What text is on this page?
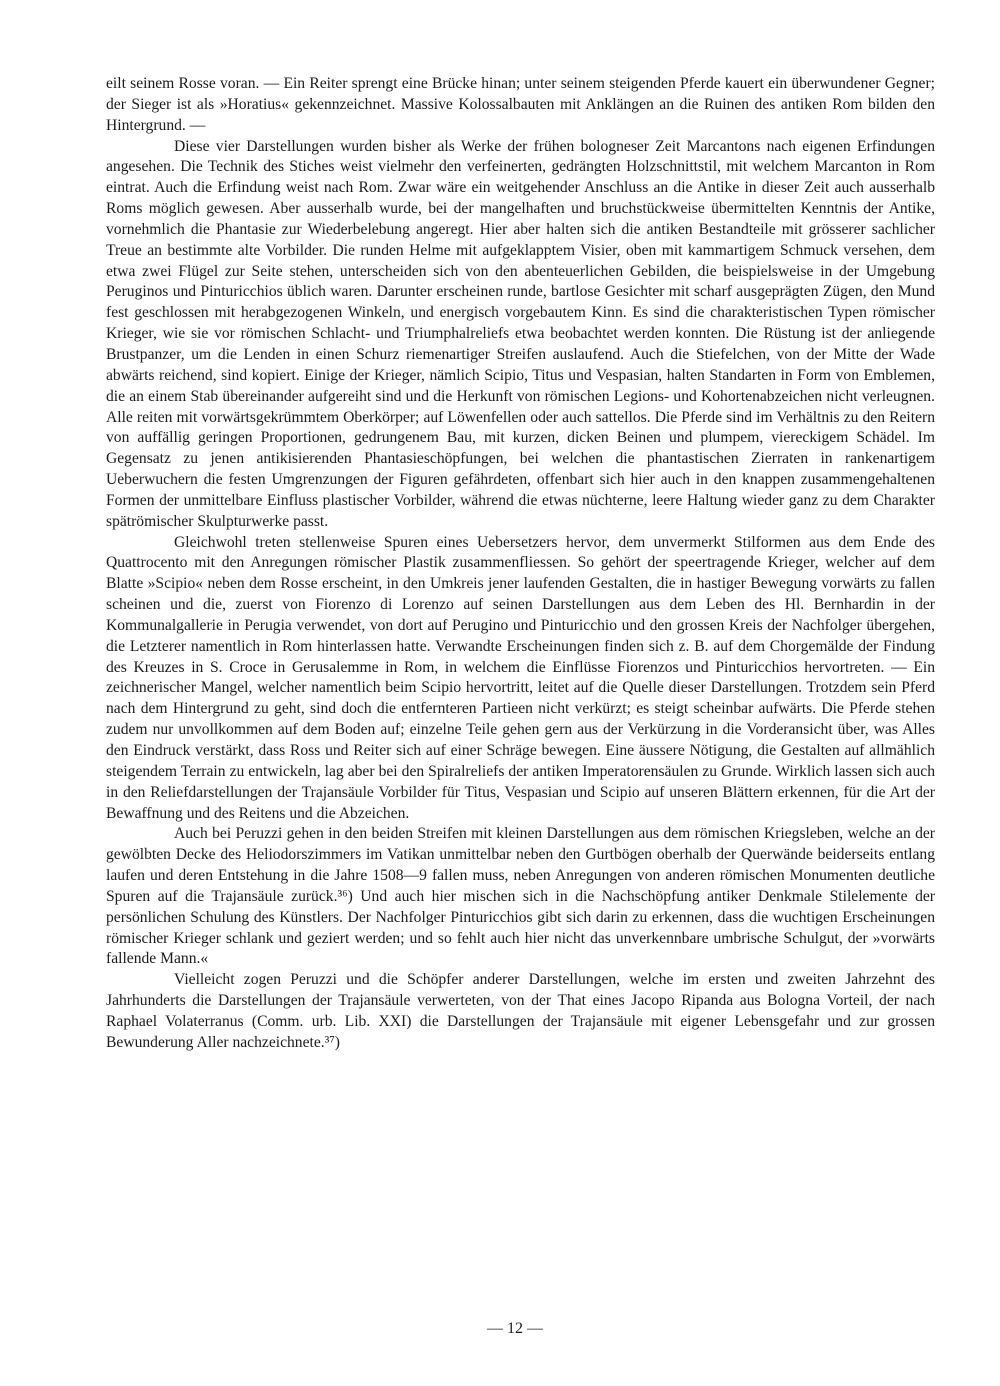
eilt seinem Rosse voran. — Ein Reiter sprengt eine Brücke hinan; unter seinem steigenden Pferde kauert ein überwundener Gegner; der Sieger ist als »Horatius« gekennzeichnet. Massive Kolossalbauten mit Anklängen an die Ruinen des antiken Rom bilden den Hintergrund. —

Diese vier Darstellungen wurden bisher als Werke der frühen bologneser Zeit Marcantons nach eigenen Erfindungen angesehen. Die Technik des Stiches weist vielmehr den verfeinerten, gedrängten Holzschnittstil, mit welchem Marcanton in Rom eintrat. Auch die Erfindung weist nach Rom. Zwar wäre ein weitgehender Anschluss an die Antike in dieser Zeit auch ausserhalb Roms möglich gewesen. Aber ausserhalb wurde, bei der mangelhaften und bruchstückweise übermittelten Kenntnis der Antike, vornehmlich die Phantasie zur Wiederbelebung angeregt. Hier aber halten sich die antiken Bestandteile mit grösserer sachlicher Treue an bestimmte alte Vorbilder. Die runden Helme mit aufgeklapptem Visier, oben mit kammartigem Schmuck versehen, dem etwa zwei Flügel zur Seite stehen, unterscheiden sich von den abenteuerlichen Gebilden, die beispielsweise in der Umgebung Peruginos und Pinturicchios üblich waren. Darunter erscheinen runde, bartlose Gesichter mit scharf ausgeprägten Zügen, den Mund fest geschlossen mit herabgezogenen Winkeln, und energisch vorgebautem Kinn. Es sind die charakteristischen Typen römischer Krieger, wie sie vor römischen Schlacht- und Triumphalreliefs etwa beobachtet werden konnten. Die Rüstung ist der anliegende Brustpanzer, um die Lenden in einen Schurz riemenartiger Streifen auslaufend. Auch die Stiefelchen, von der Mitte der Wade abwärts reichend, sind kopiert. Einige der Krieger, nämlich Scipio, Titus und Vespasian, halten Standarten in Form von Emblemen, die an einem Stab übereinander aufgereiht sind und die Herkunft von römischen Legions- und Kohortenabzeichen nicht verleugnen. Alle reiten mit vorwärtsgekrümmtem Oberkörper; auf Löwenfellen oder auch sattellos. Die Pferde sind im Verhältnis zu den Reitern von auffällig geringen Proportionen, gedrungenem Bau, mit kurzen, dicken Beinen und plumpem, viereckigem Schädel. Im Gegensatz zu jenen antikisierenden Phantasieschöpfungen, bei welchen die phantastischen Zierraten in rankenartigem Ueberwuchern die festen Umgrenzungen der Figuren gefährdeten, offenbart sich hier auch in den knappen zusammengehaltenen Formen der unmittelbare Einfluss plastischer Vorbilder, während die etwas nüchterne, leere Haltung wieder ganz zu dem Charakter spätrömischer Skulpturwerke passt.

Gleichwohl treten stellenweise Spuren eines Uebersetzers hervor, dem unvermerkt Stilformen aus dem Ende des Quattrocento mit den Anregungen römischer Plastik zusammenfliessen. So gehört der speertragende Krieger, welcher auf dem Blatte »Scipio« neben dem Rosse erscheint, in den Umkreis jener laufenden Gestalten, die in hastiger Bewegung vorwärts zu fallen scheinen und die, zuerst von Fiorenzo di Lorenzo auf seinen Darstellungen aus dem Leben des Hl. Bernhardin in der Kommunalgallerie in Perugia verwendet, von dort auf Perugino und Pinturicchio und den grossen Kreis der Nachfolger übergehen, die Letzterer namentlich in Rom hinterlassen hatte. Verwandte Erscheinungen finden sich z. B. auf dem Chorgemälde der Findung des Kreuzes in S. Croce in Gerusalemme in Rom, in welchem die Einflüsse Fiorenzos und Pinturicchios hervortreten. — Ein zeichnerischer Mangel, welcher namentlich beim Scipio hervortritt, leitet auf die Quelle dieser Darstellungen. Trotzdem sein Pferd nach dem Hintergrund zu geht, sind doch die entfernteren Partieen nicht verkürzt; es steigt scheinbar aufwärts. Die Pferde stehen zudem nur unvollkommen auf dem Boden auf; einzelne Teile gehen gern aus der Verkürzung in die Vorderansicht über, was Alles den Eindruck verstärkt, dass Ross und Reiter sich auf einer Schräge bewegen. Eine äussere Nötigung, die Gestalten auf allmählich steigendem Terrain zu entwickeln, lag aber bei den Spiralreliefs der antiken Imperatorensäulen zu Grunde. Wirklich lassen sich auch in den Reliefdarstellungen der Trajansäule Vorbilder für Titus, Vespasian und Scipio auf unseren Blättern erkennen, für die Art der Bewaffnung und des Reitens und die Abzeichen.

Auch bei Peruzzi gehen in den beiden Streifen mit kleinen Darstellungen aus dem römischen Kriegsleben, welche an der gewölbten Decke des Heliodorszimmers im Vatikan unmittelbar neben den Gurtbögen oberhalb der Querwände beiderseits entlang laufen und deren Entstehung in die Jahre 1508—9 fallen muss, neben Anregungen von anderen römischen Monumenten deutliche Spuren auf die Trajansäule zurück.³⁶) Und auch hier mischen sich in die Nachschöpfung antiker Denkmale Stilelemente der persönlichen Schulung des Künstlers. Der Nachfolger Pinturicchios gibt sich darin zu erkennen, dass die wuchtigen Erscheinungen römischer Krieger schlank und geziert werden; und so fehlt auch hier nicht das unverkennbare umbrische Schulgut, der »vorwärts fallende Mann.«

Vielleicht zogen Peruzzi und die Schöpfer anderer Darstellungen, welche im ersten und zweiten Jahrzehnt des Jahrhunderts die Darstellungen der Trajansäule verwerteten, von der That eines Jacopo Ripanda aus Bologna Vorteil, der nach Raphael Volaterranus (Comm. urb. Lib. XXI) die Darstellungen der Trajansäule mit eigener Lebensgefahr und zur grossen Bewunderung Aller nachzeichnete.³⁷)

— 12 —
